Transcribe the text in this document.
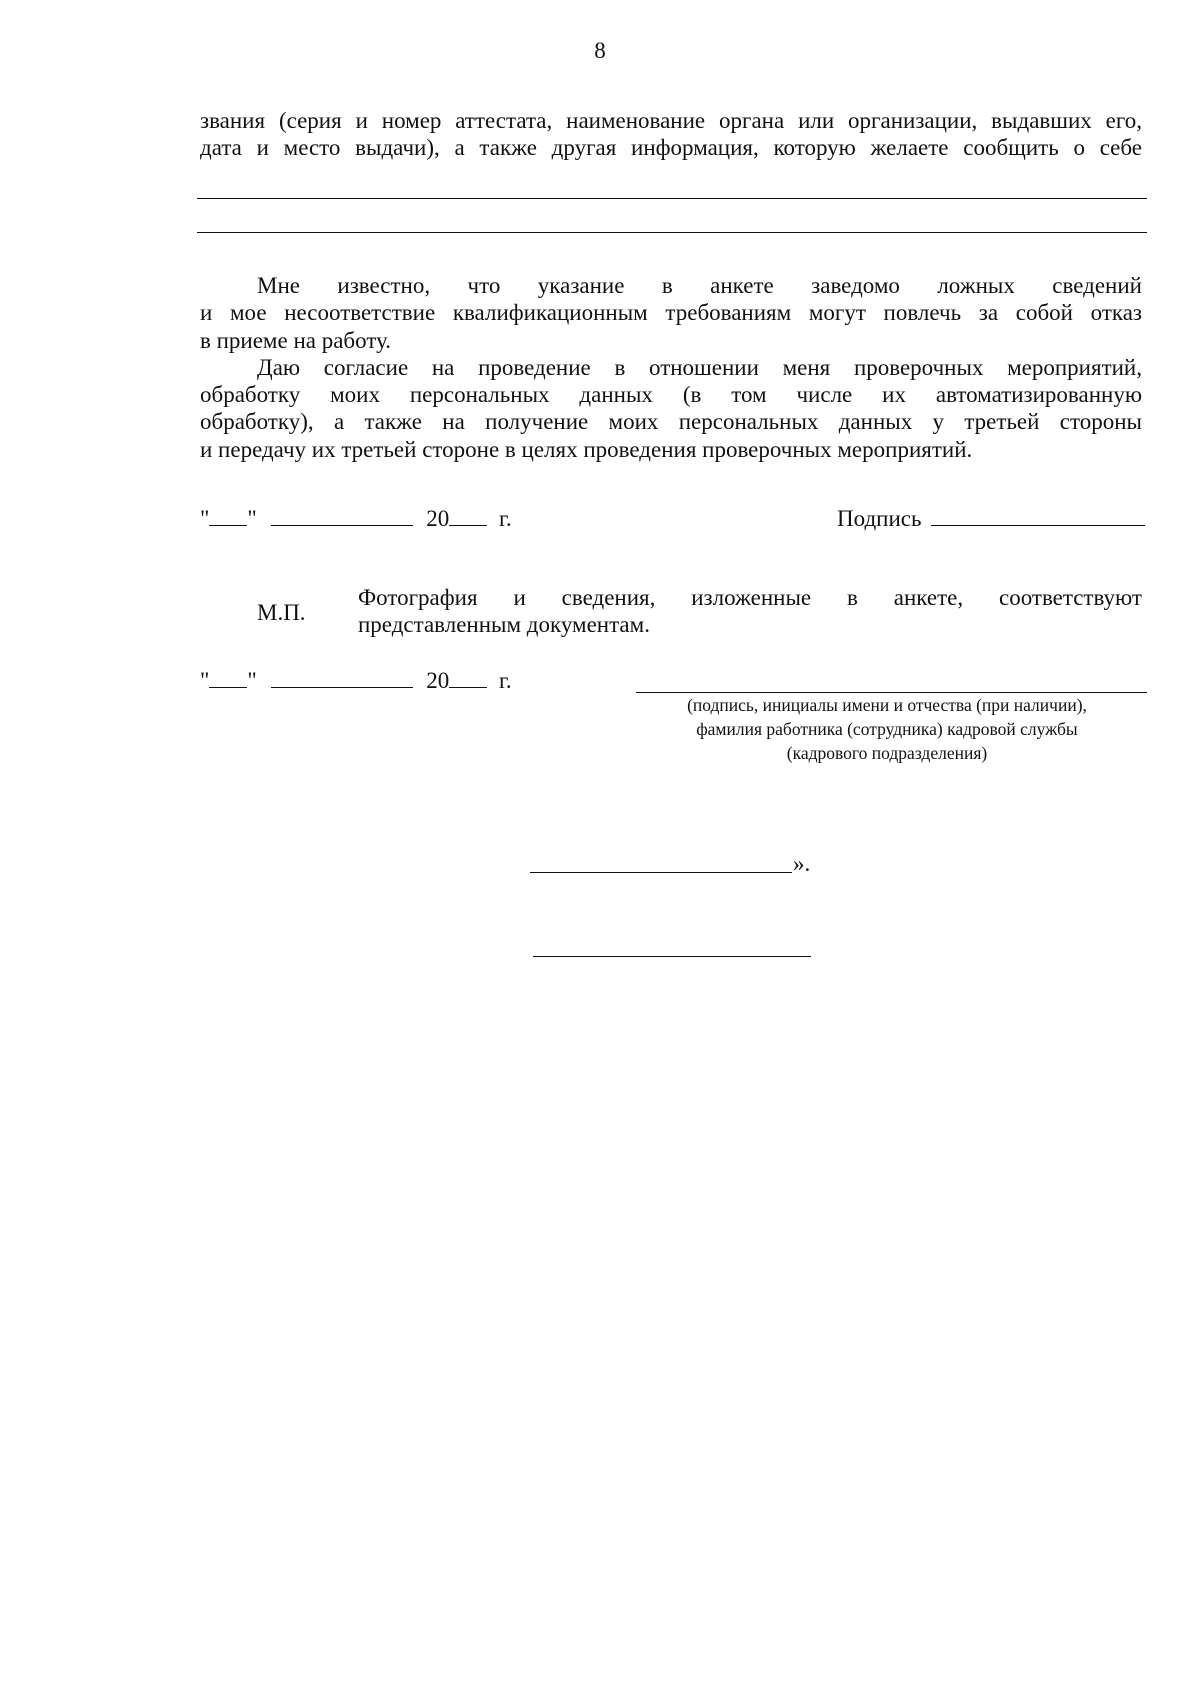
8
звания (серия и номер аттестата, наименование органа или организации, выдавших его,
дата и место выдачи), а также другая информация, которую желаете сообщить о себе
Мне известно, что указание в анкете заведомо ложных сведений
и мое несоответствие квалификационным требованиям могут повлечь за собой отказ
в приеме на работу.
Даю согласие на проведение в отношении меня проверочных мероприятий,
обработку моих персональных данных (в том числе их автоматизированную
обработку), а также на получение моих персональных данных у третьей стороны
и передачу их третьей стороне в целях проведения проверочных мероприятий.
" "	20 г.	Подпись
М.П.
Фотография и сведения, изложенные в анкете, соответствуют
представленным документам.
" "	20 г.
(подпись, инициалы имени и отчества (при наличии),
фамилия работника (сотрудника) кадровой службы
(кадрового подразделения)
».
